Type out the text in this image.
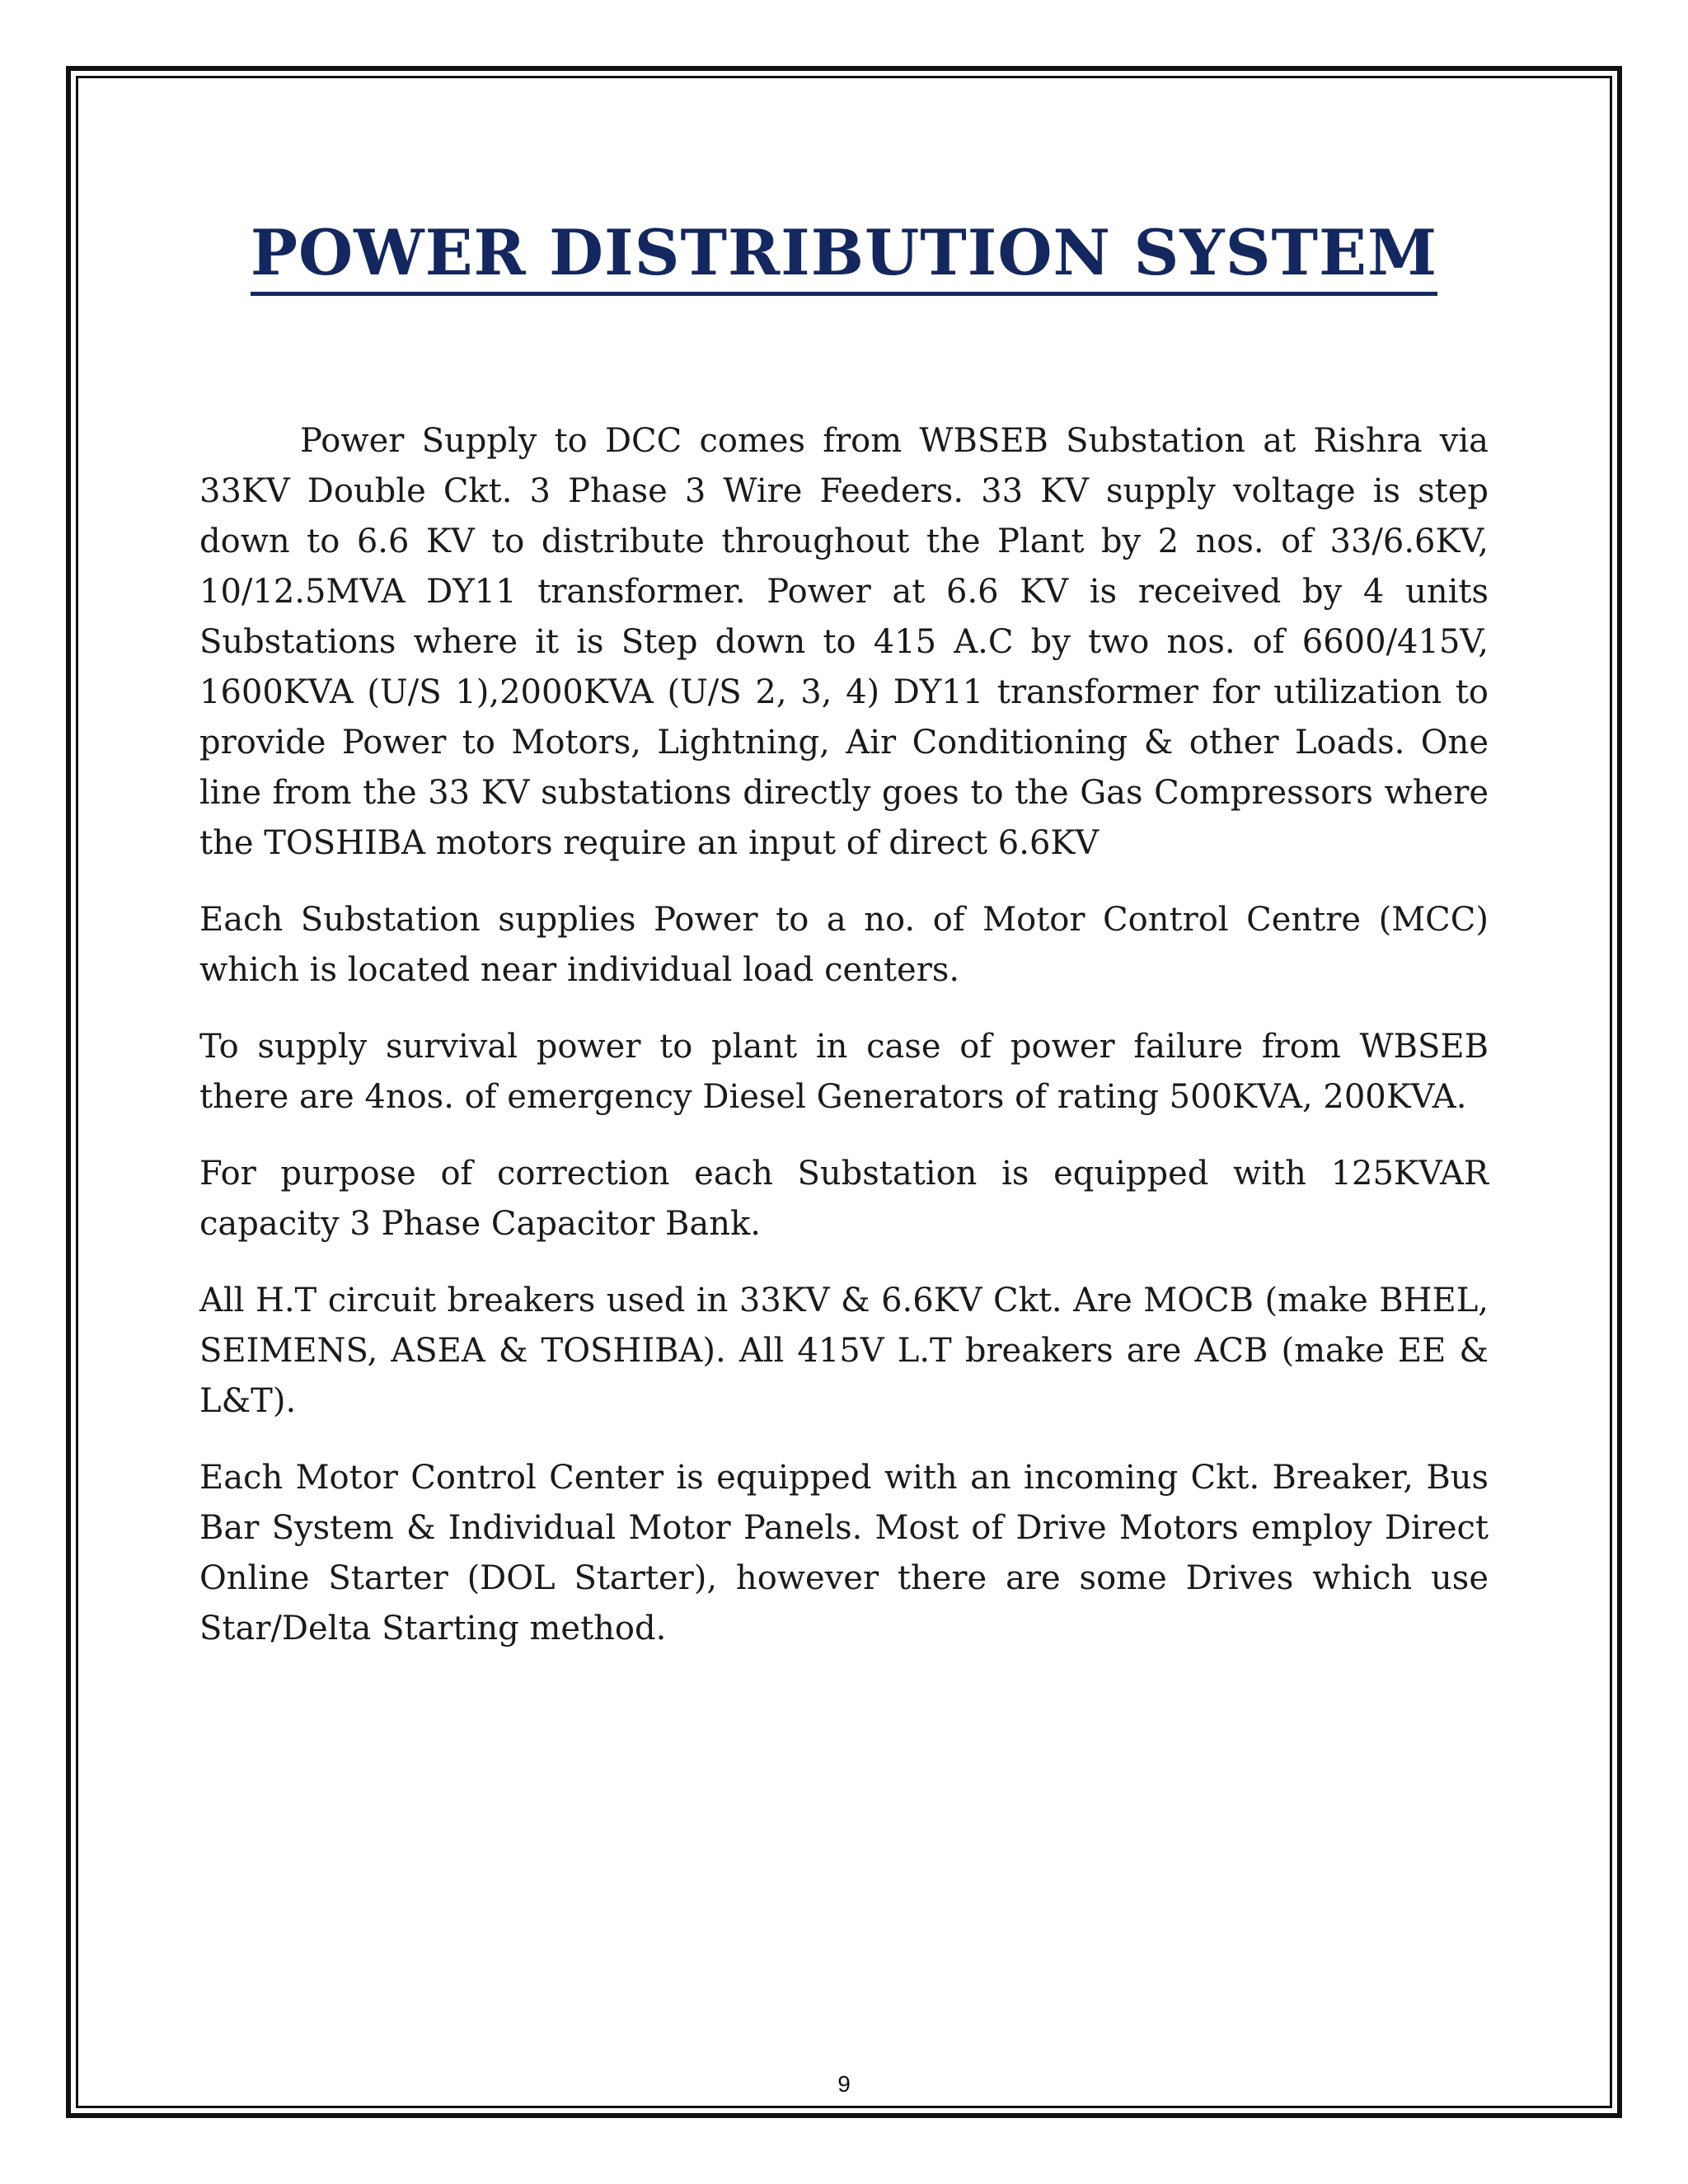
POWER DISTRIBUTION SYSTEM

Power Supply to DCC comes from WBSEB Substation at Rishra via 33KV Double Ckt. 3 Phase 3 Wire Feeders. 33 KV supply voltage is step down to 6.6 KV to distribute throughout the Plant by 2 nos. of 33/6.6KV, 10/12.5MVA DY11 transformer. Power at 6.6 KV is received by 4 units Substations where it is Step down to 415 A.C by two nos. of 6600/415V, 1600KVA (U/S 1),2000KVA (U/S 2, 3, 4) DY11 transformer for utilization to provide Power to Motors, Lightning, Air Conditioning & other Loads. One line from the 33 KV substations directly goes to the Gas Compressors where the TOSHIBA motors require an input of direct 6.6KV

Each Substation supplies Power to a no. of Motor Control Centre (MCC) which is located near individual load centers.

To supply survival power to plant in case of power failure from WBSEB there are 4nos. of emergency Diesel Generators of rating 500KVA, 200KVA.

For purpose of correction each Substation is equipped with 125KVAR capacity 3 Phase Capacitor Bank.

All H.T circuit breakers used in 33KV & 6.6KV Ckt. Are MOCB (make BHEL, SEIMENS, ASEA & TOSHIBA). All 415V L.T breakers are ACB (make EE & L&T).

Each Motor Control Center is equipped with an incoming Ckt. Breaker, Bus Bar System & Individual Motor Panels. Most of Drive Motors employ Direct Online Starter (DOL Starter), however there are some Drives which use Star/Delta Starting method.

9
